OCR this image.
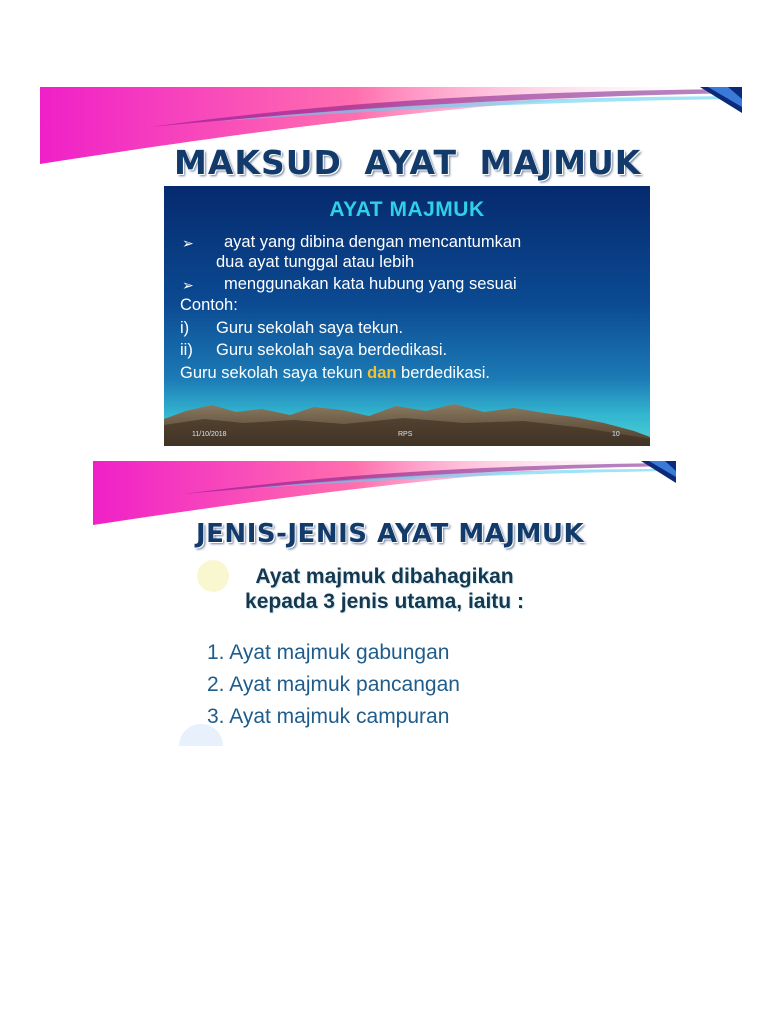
MAKSUD AYAT MAJMUK
AYAT MAJMUK
➢ ayat yang dibina dengan mencantumkan
dua ayat tunggal atau lebih
➢ menggunakan kata hubung yang sesuai
Contoh:
i) Guru sekolah saya tekun.
ii) Guru sekolah saya berdedikasi.
Guru sekolah saya tekun dan berdedikasi.
11/10/2018	RPS	10
JENIS-JENIS AYAT MAJMUK

Ayat majmuk dibahagikan

kepada 3 jenis utama, iaitu :

1. Ayat majmuk gabungan
2. Ayat majmuk pancangan
3. Ayat majmuk campuran
